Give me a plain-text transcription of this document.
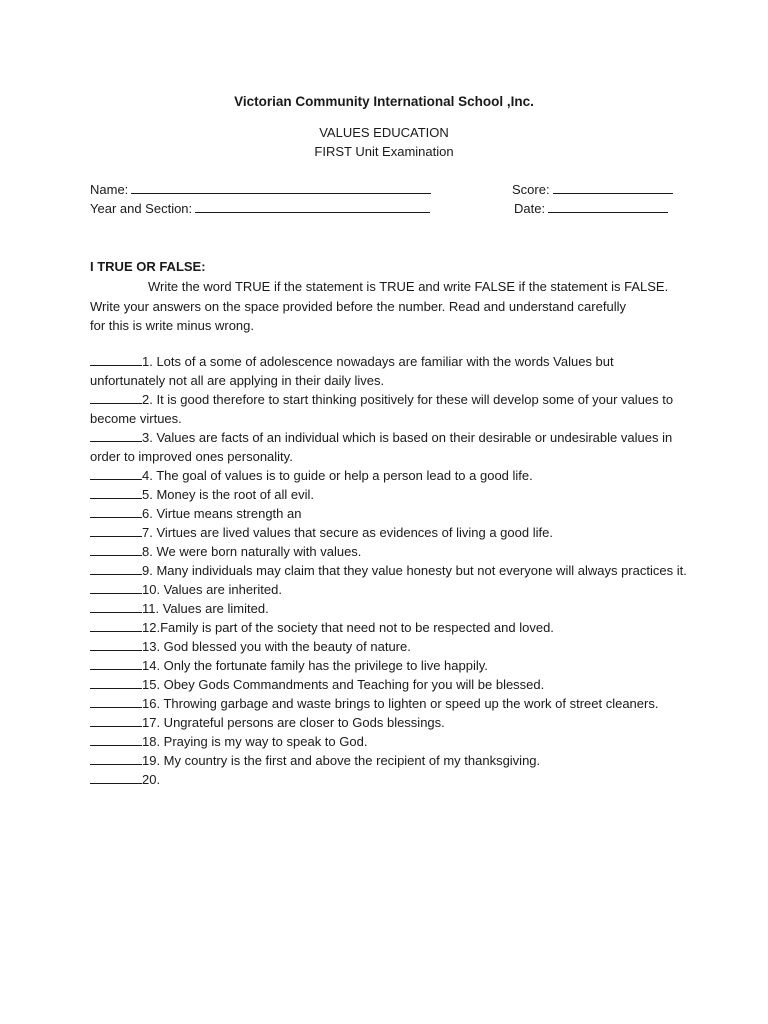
Victorian Community International School ,Inc.
VALUES EDUCATION
FIRST Unit Examination
Name:	Score:
Year and Section:	Date:
I TRUE OR FALSE:
Write the word TRUE if the statement is TRUE and write FALSE if the statement is FALSE.
Write your answers on the space provided before the number. Read and understand carefully
for this is write minus wrong.
1. Lots of a some of adolescence nowadays are familiar with the words Values but unfortunately not all are applying in their daily lives.
2. It is good therefore to start thinking positively for these will develop some of your values to become virtues.
3. Values are facts of an individual which is based on their desirable or undesirable values in order to improved ones personality.
4. The goal of values is to guide or help a person lead to a good life.
5. Money is the root of all evil.
6. Virtue means strength an
7. Virtues are lived values that secure as evidences of living a good life.
8. We were born naturally with values.
9. Many individuals may claim that they value honesty but not everyone will always practices it.
10. Values are inherited.
11. Values are limited.
12.Family is part of the society that need not to be respected and loved.
13. God blessed you with the beauty of nature.
14. Only the fortunate family has the privilege to live happily.
15. Obey Gods Commandments and Teaching for you will be blessed.
16. Throwing garbage and waste brings to lighten or speed up the work of street cleaners.
17. Ungrateful persons are closer to Gods blessings.
18. Praying is my way to speak to God.
19. My country is the first and above the recipient of my thanksgiving.
20.
